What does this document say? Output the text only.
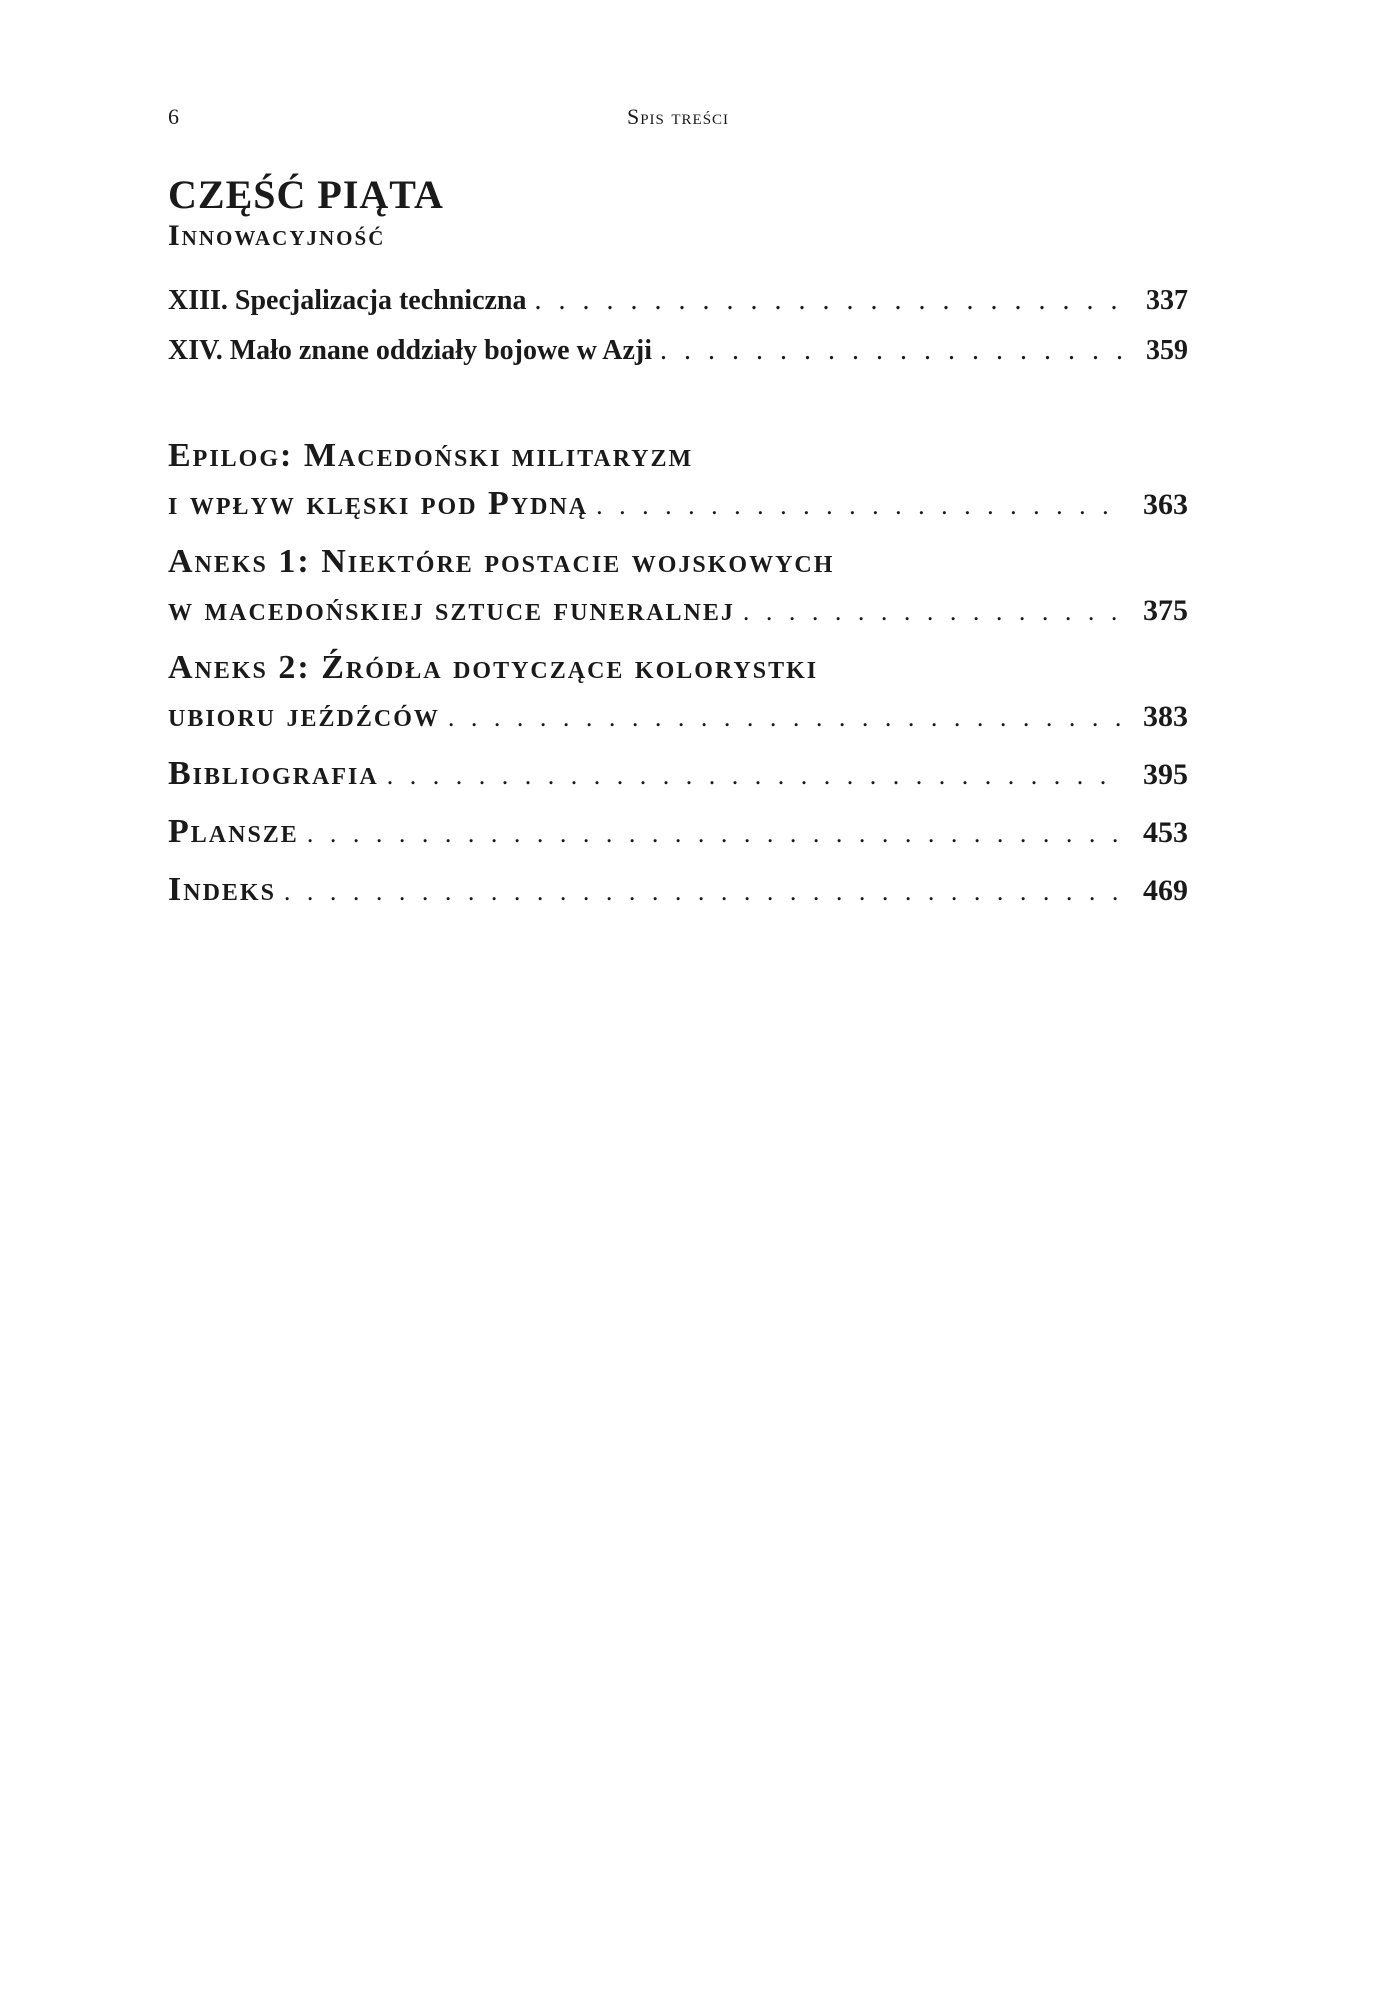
6	Spis treści
CZĘŚĆ PIĄTA
Innowacyjność
XIII. Specjalizacja techniczna . . .	337
XIV. Mało znane oddziały bojowe w Azji . . .	359
Epilog: Macedoński militaryzm
i wpływ klęski pod Pydną . . .	363
Aneks 1: Niektóre postacie wojskowych
w macedońskiej sztuce funeralnej . . .	375
Aneks 2: Źródła dotyczące kolorystki
ubioru jeźdźców . . .	383
Bibliografia . . .	395
Plansze . . .	453
Indeks . . .	469
